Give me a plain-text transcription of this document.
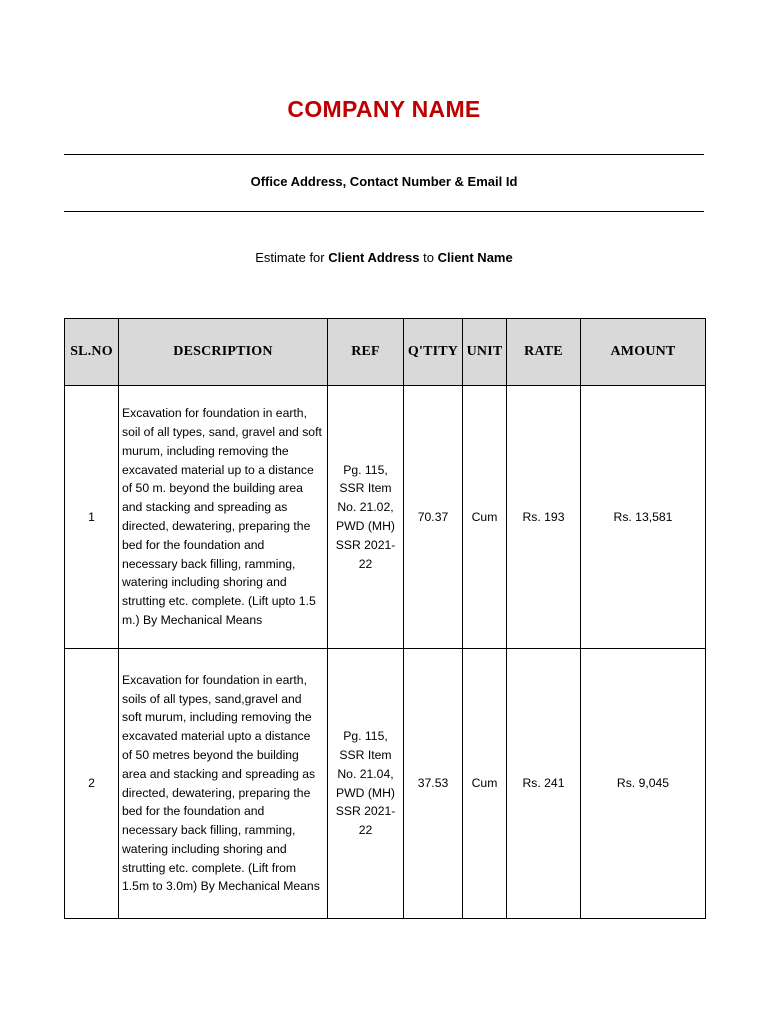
COMPANY NAME
Office Address, Contact Number & Email Id
Estimate for Client Address to Client Name
SL.NO	DESCRIPTION	REF	Q'TITY	UNIT	RATE	AMOUNT
1	Excavation for foundation in earth, soil of all types, sand, gravel and soft murum, including removing the excavated material up to a distance of 50 m. beyond the building area and stacking and spreading as directed, dewatering, preparing the bed for the foundation and necessary back filling, ramming, watering including shoring and strutting etc. complete. (Lift upto 1.5 m.) By Mechanical Means	Pg. 115, SSR Item No. 21.02, PWD (MH) SSR 2021-22	70.37	Cum	Rs. 193	Rs. 13,581
2	Excavation for foundation in earth, soils of all types, sand,gravel and soft murum, including removing the excavated material upto a distance of 50 metres beyond the building area and stacking and spreading as directed, dewatering, preparing the bed for the foundation and necessary back filling, ramming, watering including shoring and strutting etc. complete. (Lift from 1.5m to 3.0m) By Mechanical Means	Pg. 115, SSR Item No. 21.04, PWD (MH) SSR 2021-22	37.53	Cum	Rs. 241	Rs. 9,045
